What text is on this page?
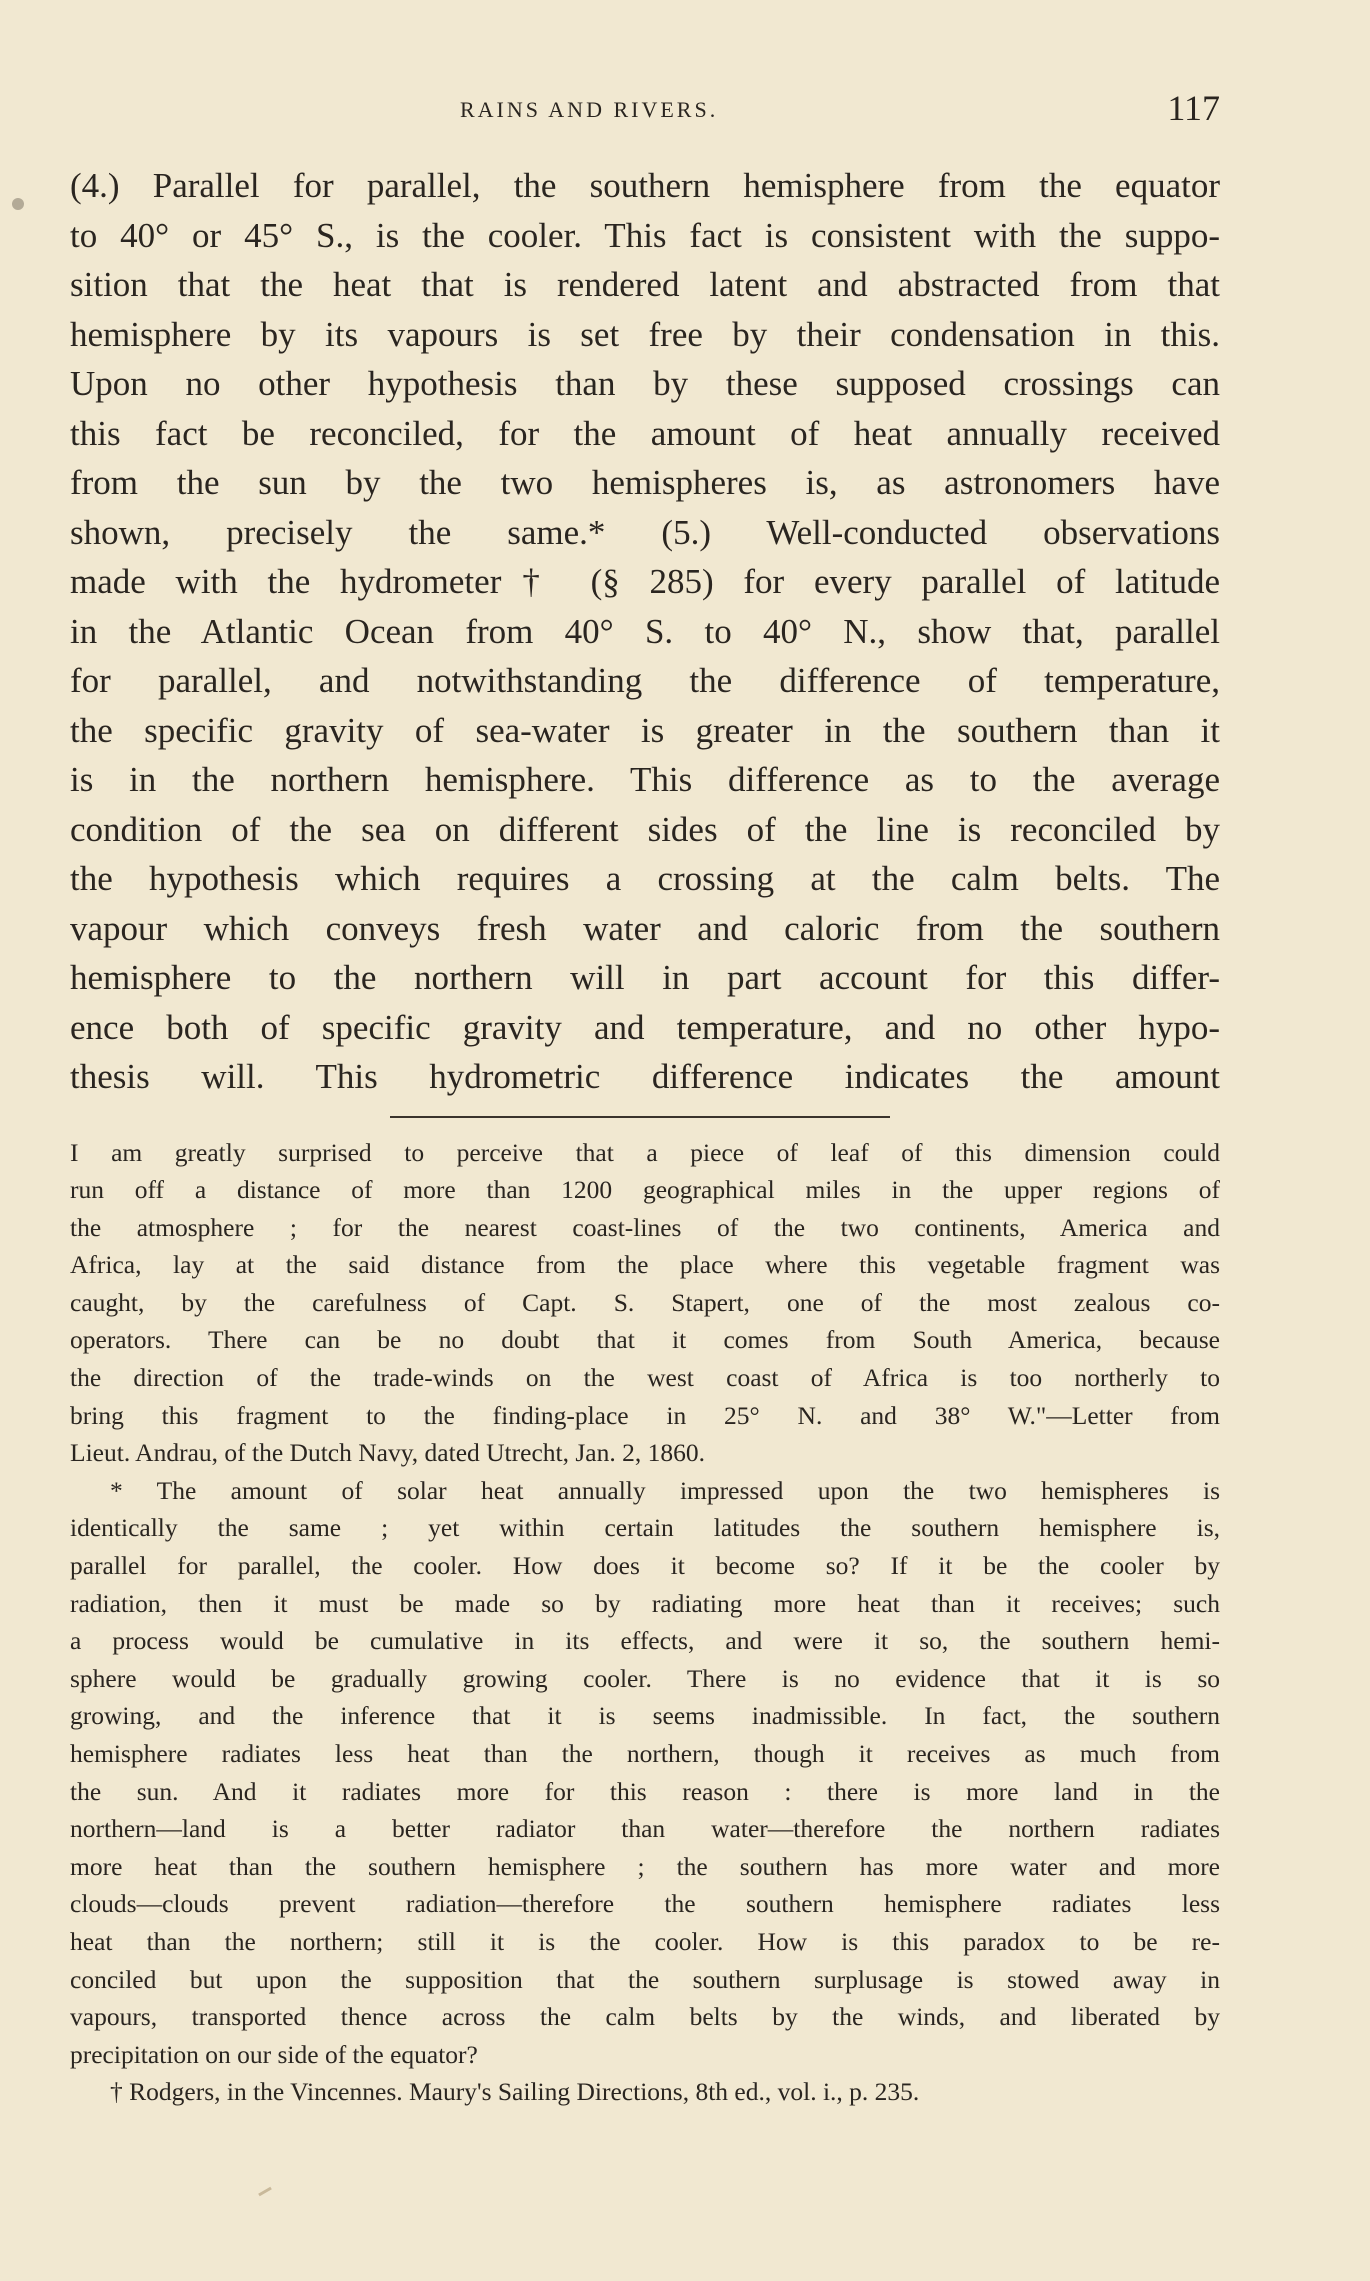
RAINS AND RIVERS.	117
(4.) Parallel for parallel, the southern hemisphere from the equator
to 40° or 45° S., is the cooler. This fact is consistent with the suppo-
sition that the heat that is rendered latent and abstracted from that
hemisphere by its vapours is set free by their condensation in this.
Upon no other hypothesis than by these supposed crossings can
this fact be reconciled, for the amount of heat annually received
from the sun by the two hemispheres is, as astronomers have
shown, precisely the same.* (5.) Well-conducted observations
made with the hydrometer† (§ 285) for every parallel of latitude
in the Atlantic Ocean from 40° S. to 40° N., show that, parallel
for parallel, and notwithstanding the difference of temperature,
the specific gravity of sea-water is greater in the southern than it
is in the northern hemisphere. This difference as to the average
condition of the sea on different sides of the line is reconciled by
the hypothesis which requires a crossing at the calm belts. The
vapour which conveys fresh water and caloric from the southern
hemisphere to the northern will in part account for this differ-
ence both of specific gravity and temperature, and no other hypo-
thesis will. This hydrometric difference indicates the amount
I am greatly surprised to perceive that a piece of leaf of this dimension could
run off a distance of more than 1200 geographical miles in the upper regions of
the atmosphere ; for the nearest coast-lines of the two continents, America and
Africa, lay at the said distance from the place where this vegetable fragment was
caught, by the carefulness of Capt. S. Stapert, one of the most zealous co-
operators. There can be no doubt that it comes from South America, because
the direction of the trade-winds on the west coast of Africa is too northerly to
bring this fragment to the finding-place in 25° N. and 38° W."—Letter from
Lieut. Andrau, of the Dutch Navy, dated Utrecht, Jan. 2, 1860.
* The amount of solar heat annually impressed upon the two hemispheres is
identically the same ; yet within certain latitudes the southern hemisphere is,
parallel for parallel, the cooler. How does it become so? If it be the cooler by
radiation, then it must be made so by radiating more heat than it receives; such
a process would be cumulative in its effects, and were it so, the southern hemi-
sphere would be gradually growing cooler. There is no evidence that it is so
growing, and the inference that it is seems inadmissible. In fact, the southern
hemisphere radiates less heat than the northern, though it receives as much from
the sun. And it radiates more for this reason : there is more land in the
northern—land is a better radiator than water—therefore the northern radiates
more heat than the southern hemisphere ; the southern has more water and more
clouds—clouds prevent radiation—therefore the southern hemisphere radiates less
heat than the northern; still it is the cooler. How is this paradox to be re-
conciled but upon the supposition that the southern surplusage is stowed away in
vapours, transported thence across the calm belts by the winds, and liberated by
precipitation on our side of the equator?
† Rodgers, in the Vincennes. Maury's Sailing Directions, 8th ed., vol. i., p. 235.
